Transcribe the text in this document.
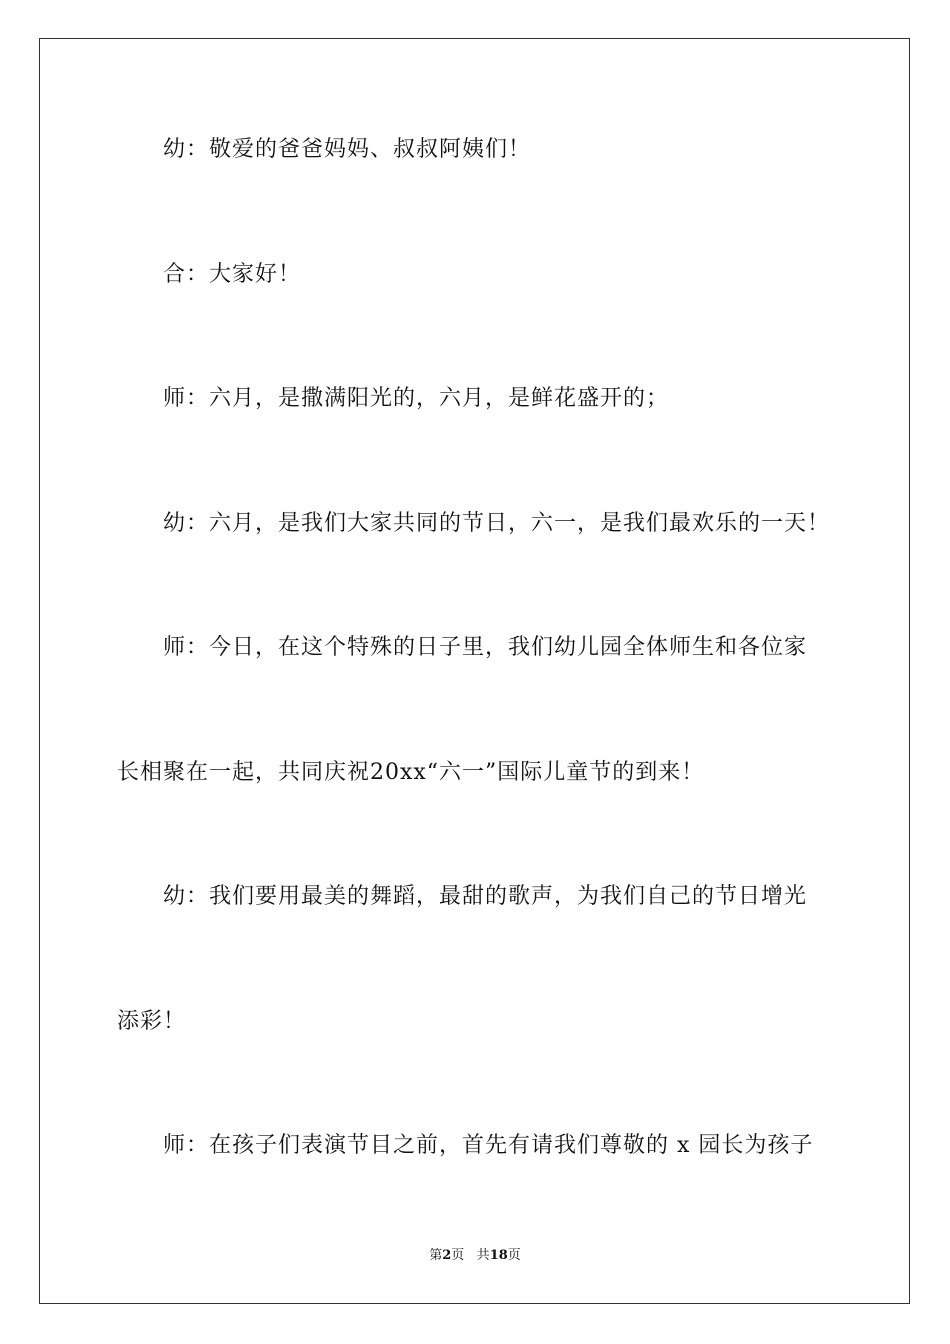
幼：敬爱的爸爸妈妈、叔叔阿姨们！
合：大家好！
师：六月，是撒满阳光的，六月，是鲜花盛开的；
幼：六月，是我们大家共同的节日，六一，是我们最欢乐的一天！
师：今日，在这个特殊的日子里，我们幼儿园全体师生和各位家
长相聚在一起，共同庆祝20xx“六一”国际儿童节的到来！
幼：我们要用最美的舞蹈，最甜的歌声，为我们自己的节日增光
添彩！
师：在孩子们表演节目之前，首先有请我们尊敬的 x 园长为孩子
第2页 共18页
